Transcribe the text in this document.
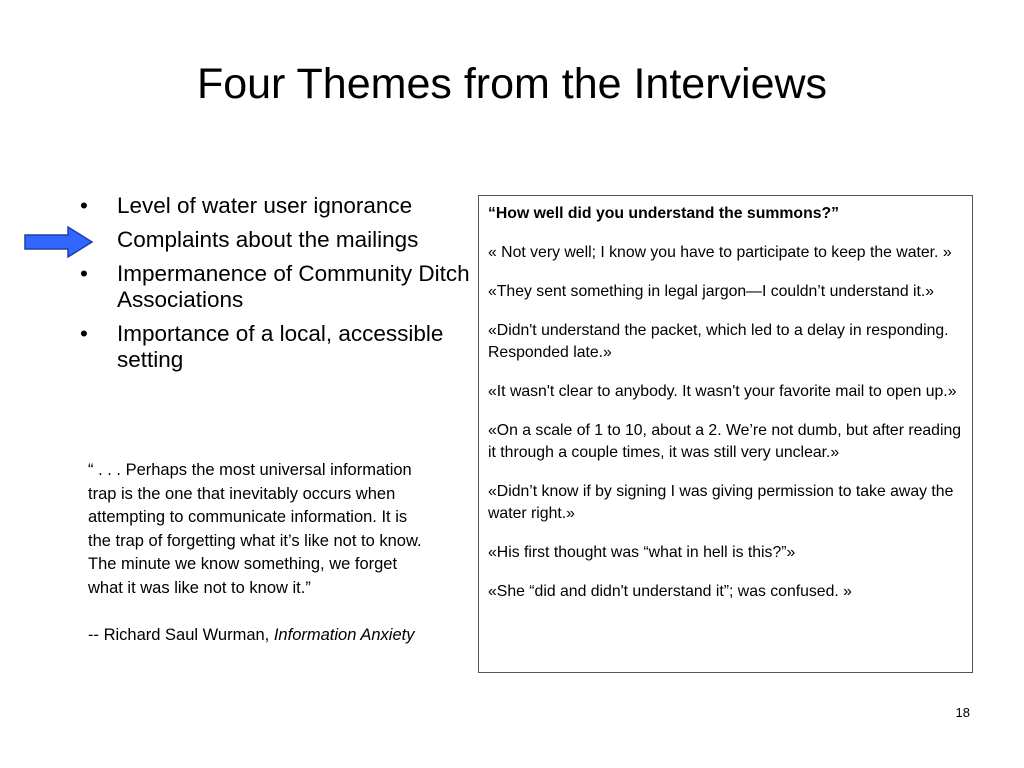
Four Themes from the Interviews
• Level of water user ignorance
Complaints about the mailings
• Impermanence of Community Ditch Associations
• Importance of a local, accessible setting

“ . . . Perhaps the most universal information trap is the one that inevitably occurs when attempting to communicate information. It is the trap of forgetting what it’s like not to know. The minute we know something, we forget what it was like not to know it.”

-- Richard Saul Wurman, Information Anxiety

“How well did you understand the summons?”

« Not very well; I know you have to participate to keep the water. »

«They sent something in legal jargon—I couldn’t understand it.»

«Didn't understand the packet, which led to a delay in responding. Responded late.»

«It wasn't clear to anybody. It wasn't your favorite mail to open up.»

«On a scale of 1 to 10, about a 2. We’re not dumb, but after reading it through a couple times, it was still very unclear.»

«Didn’t know if by signing I was giving permission to take away the water right.»

«His first thought was “what in hell is this?”»

«She “did and didn't understand it”; was confused. »

18
